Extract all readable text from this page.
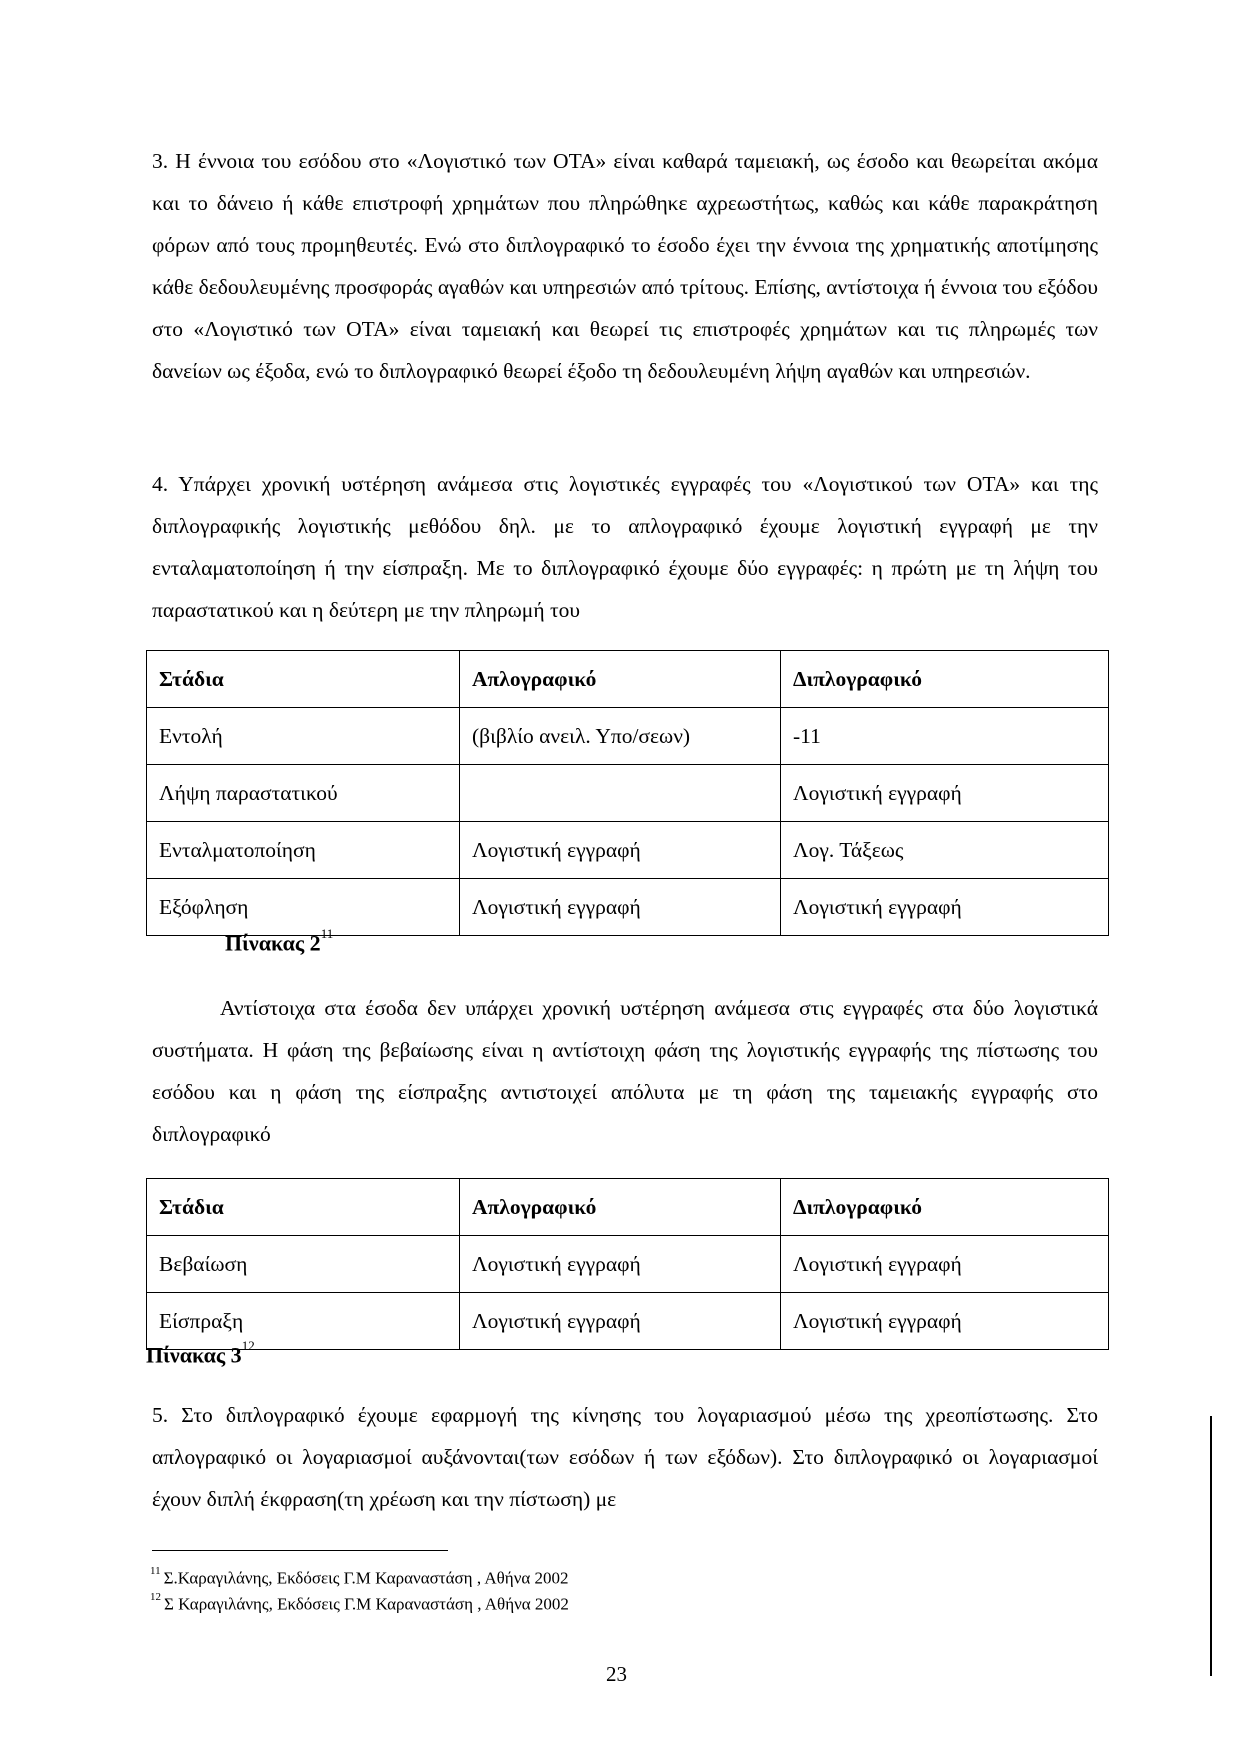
3. Η έννοια του εσόδου στο «Λογιστικό των ΟΤΑ» είναι καθαρά ταμειακή, ως έσοδο και θεωρείται ακόμα και το δάνειο ή κάθε επιστροφή χρημάτων που πληρώθηκε αχρεωστήτως, καθώς και κάθε παρακράτηση φόρων από τους προμηθευτές. Ενώ στο διπλογραφικό το έσοδο έχει την έννοια της χρηματικής αποτίμησης κάθε δεδουλευμένης προσφοράς αγαθών και υπηρεσιών από τρίτους. Επίσης, αντίστοιχα ή έννοια του εξόδου στο «Λογιστικό των ΟΤΑ» είναι ταμειακή και θεωρεί τις επιστροφές χρημάτων και τις πληρωμές των δανείων ως έξοδα, ενώ το διπλογραφικό θεωρεί έξοδο τη δεδουλευμένη λήψη αγαθών και υπηρεσιών.
4. Υπάρχει χρονική υστέρηση ανάμεσα στις λογιστικές εγγραφές του «Λογιστικού των ΟΤΑ» και της διπλογραφικής λογιστικής μεθόδου δηλ. με το απλογραφικό έχουμε λογιστική εγγραφή με την ενταλαματοποίηση ή την είσπραξη. Με το διπλογραφικό έχουμε δύο εγγραφές: η πρώτη με τη λήψη του παραστατικού και η δεύτερη με την πληρωμή του
Στάδια	Απλογραφικό	Διπλογραφικό
Εντολή	(βιβλίο ανειλ. Υπο/σεων)	-11
Λήψη παραστατικού		Λογιστική εγγραφή
Ενταλματοποίηση	Λογιστική εγγραφή	Λογ. Τάξεως
Εξόφληση	Λογιστική εγγραφή	Λογιστική εγγραφή
Πίνακας $2^{11}$
Αντίστοιχα στα έσοδα δεν υπάρχει χρονική υστέρηση ανάμεσα στις εγγραφές στα δύο λογιστικά συστήματα. Η φάση της βεβαίωσης είναι η αντίστοιχη φάση της λογιστικής εγγραφής της πίστωσης του εσόδου και η φάση της είσπραξης αντιστοιχεί απόλυτα με τη φάση της ταμειακής εγγραφής στο διπλογραφικό
Στάδια	Απλογραφικό	Διπλογραφικό
Βεβαίωση	Λογιστική εγγραφή	Λογιστική εγγραφή
Είσπραξη	Λογιστική εγγραφή	Λογιστική εγγραφή
Πίνακας $3^{12}$
5. Στο διπλογραφικό έχουμε εφαρμογή της κίνησης του λογαριασμού μέσω της χρεοπίστωσης. Στο απλογραφικό οι λογαριασμοί αυξάνονται(των εσόδων ή των εξόδων). Στο διπλογραφικό οι λογαριασμοί έχουν διπλή έκφραση(τη χρέωση και την πίστωση) με
$^{11}$ Σ.Καραγιλάνης, Εκδόσεις Γ.Μ Καραναστάση , Αθήνα 2002
$^{12}$ Σ Καραγιλάνης, Εκδόσεις Γ.Μ Καραναστάση , Αθήνα 2002
23
